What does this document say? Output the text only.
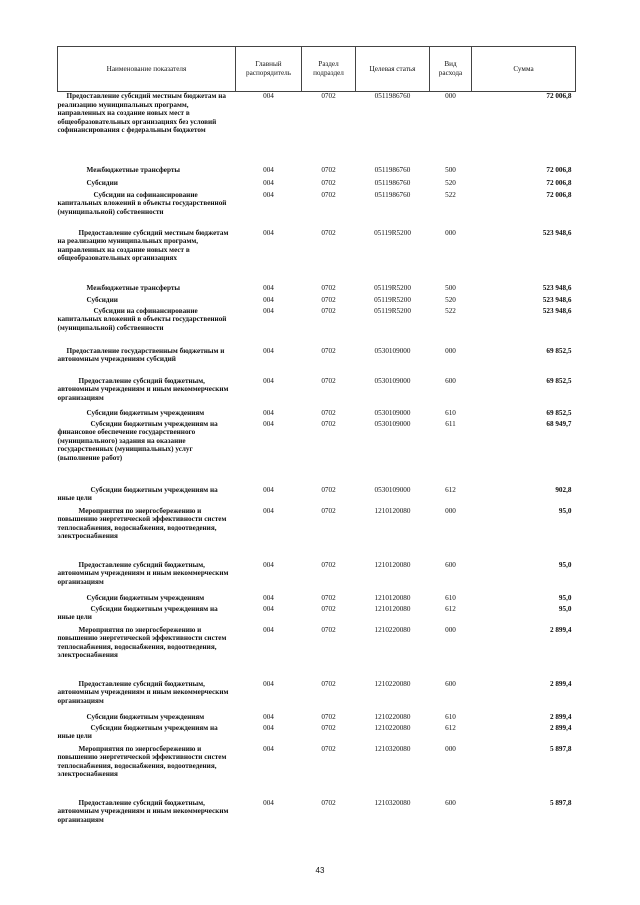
Наименование показателя	Главный распорядитель	Раздел подраздел	Целевая статья	Вид расхода	Сумма
Предоставление субсидий местным бюджетам на реализацию муниципальных программ, направленных на создание новых мест в общеобразовательных организациях без условий софинансирования с федеральным бюджетом	004	0702	0511986760	000	72 006,8
Межбюджетные трансферты	004	0702	0511986760	500	72 006,8
Субсидии	004	0702	0511986760	520	72 006,8
Субсидии на софинансирование капитальных вложений в объекты государственной (муниципальной) собственности	004	0702	0511986760	522	72 006,8
Предоставление субсидий местным бюджетам на реализацию муниципальных программ, направленных на создание новых мест в общеобразовательных организациях	004	0702	05119R5200	000	523 948,6
Межбюджетные трансферты	004	0702	05119R5200	500	523 948,6
Субсидии	004	0702	05119R5200	520	523 948,6
Субсидии на софинансирование капитальных вложений в объекты государственной (муниципальной) собственности	004	0702	05119R5200	522	523 948,6
Предоставление государственным бюджетным и автономным учреждениям субсидий	004	0702	0530109000	000	69 852,5
Предоставление субсидий бюджетным, автономным учреждениям и иным некоммерческим организациям	004	0702	0530109000	600	69 852,5
Субсидии бюджетным учреждениям	004	0702	0530109000	610	69 852,5
Субсидии бюджетным учреждениям на финансовое обеспечение государственного (муниципального) задания на оказание государственных (муниципальных) услуг (выполнение работ)	004	0702	0530109000	611	68 949,7
Субсидии бюджетным учреждениям на иные цели	004	0702	0530109000	612	902,8
Мероприятия по энергосбережению и повышению энергетической эффективности систем теплоснабжения, водоснабжения, водоотведения, электроснабжения	004	0702	1210120080	000	95,0
Предоставление субсидий бюджетным, автономным учреждениям и иным некоммерческим организациям	004	0702	1210120080	600	95,0
Субсидии бюджетным учреждениям	004	0702	1210120080	610	95,0
Субсидии бюджетным учреждениям на иные цели	004	0702	1210120080	612	95,0
Мероприятия по энергосбережению и повышению энергетической эффективности систем теплоснабжения, водоснабжения, водоотведения, электроснабжения	004	0702	1210220080	000	2 899,4
Предоставление субсидий бюджетным, автономным учреждениям и иным некоммерческим организациям	004	0702	1210220080	600	2 899,4
Субсидии бюджетным учреждениям	004	0702	1210220080	610	2 899,4
Субсидии бюджетным учреждениям на иные цели	004	0702	1210220080	612	2 899,4
Мероприятия по энергосбережению и повышению энергетической эффективности систем теплоснабжения, водоснабжения, водоотведения, электроснабжения	004	0702	1210320080	000	5 897,8
Предоставление субсидий бюджетным, автономным учреждениям и иным некоммерческим организациям	004	0702	1210320080	600	5 897,8
43
